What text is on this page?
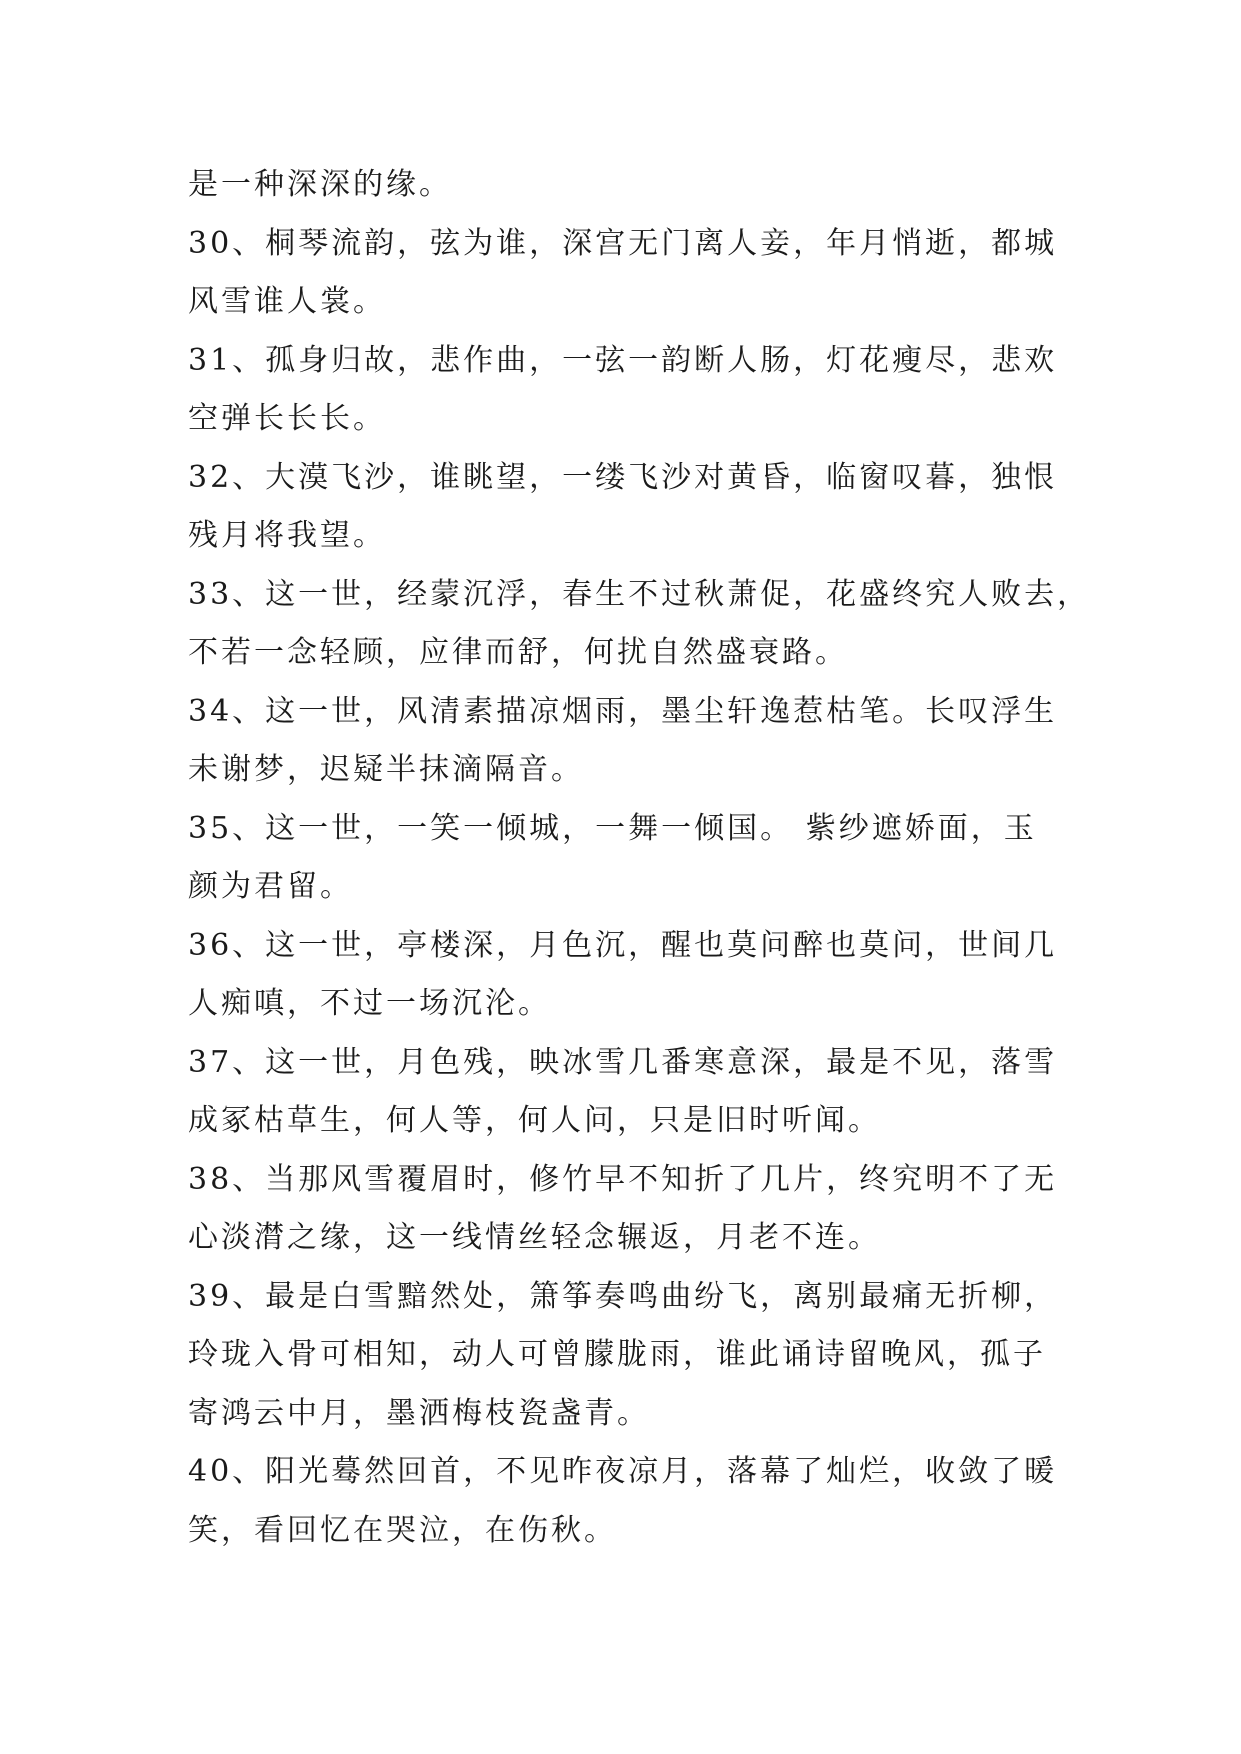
是一种深深的缘。
30、桐琴流韵，弦为谁，深宫无门离人妾，年月悄逝，都城
风雪谁人裳。
31、孤身归故，悲作曲，一弦一韵断人肠，灯花瘦尽，悲欢
空弹长长长。
32、大漠飞沙，谁眺望，一缕飞沙对黄昏，临窗叹暮，独恨
残月将我望。
33、这一世，经蒙沉浮，春生不过秋萧促，花盛终究人败去，
不若一念轻顾，应律而舒，何扰自然盛衰路。
34、这一世，风清素描凉烟雨，墨尘轩逸惹枯笔。长叹浮生
未谢梦，迟疑半抹滴隔音。
35、这一世，一笑一倾城，一舞一倾国。 紫纱遮娇面，玉
颜为君留。
36、这一世，亭楼深，月色沉，醒也莫问醉也莫问，世间几
人痴嗔，不过一场沉沦。
37、这一世，月色残，映冰雪几番寒意深，最是不见，落雪
成冢枯草生，何人等，何人问，只是旧时听闻。
38、当那风雪覆眉时，修竹早不知折了几片，终究明不了无
心淡潸之缘，这一线情丝轻念辗返，月老不连。
39、最是白雪黯然处，箫筝奏鸣曲纷飞，离别最痛无折柳，
玲珑入骨可相知，动人可曾朦胧雨，谁此诵诗留晚风，孤子
寄鸿云中月，墨洒梅枝瓷盏青。
40、阳光蓦然回首，不见昨夜凉月，落幕了灿烂，收敛了暖
笑，看回忆在哭泣，在伤秋。
